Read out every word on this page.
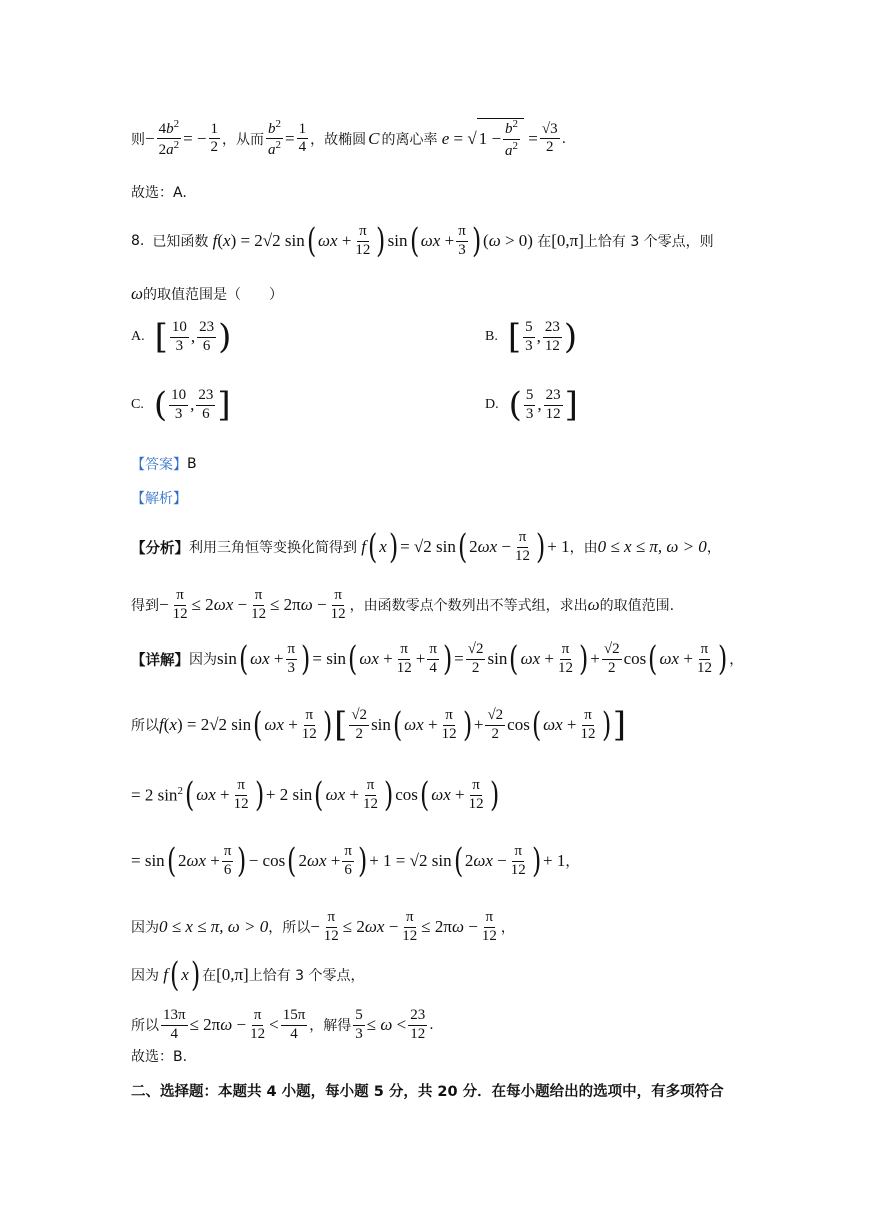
则 − $\frac{4b^2}{2a^2}$ = − $\frac{1}{2}$ ，从而 $\frac{b^2}{a^2} = \frac{1}{4}$ ，故椭圆 C 的离心率 e = √ $1 - \frac{b^2}{a^2} = \frac{√3}{2}$ .
故选：A.
8. 已知函数 f(x) = 2√2 sin ( $\omega x + \frac{\pi}{12}$ ) sin ( $\omega x + \frac{\pi}{3}$ ) (ω > 0) 在 [0,π] 上恰有 3 个零点，则
ω 的取值范围是（　　）
A. [ $\frac{10}{3}$ , $\frac{23}{6}$ )	B. [ $\frac{5}{3}$ , $\frac{23}{12}$ )
C. ( $\frac{10}{3}$ , $\frac{23}{6}$ ]	D. ( $\frac{5}{3}$ , $\frac{23}{12}$ ]
【答案】 B
【解析】
【分析】 利用三角恒等变换化简得到 f ( x ) = √2 sin ( $2\omega x - \frac{\pi}{12}$ ) + 1 ，由 0 ≤ x ≤ π, ω > 0 ，
得到 − $\frac{\pi}{12} \le 2\omega x - \frac{\pi}{12} \le 2\pi\omega - \frac{\pi}{12}$ ，由函数零点个数列出不等式组，求出 ω 的取值范围.
【详解】 因为 sin ( $\omega x + \frac{\pi}{3}$ ) = sin ( $\omega x + \frac{\pi}{12} + \frac{\pi}{4}$ ) = $\frac{√2}{2}$ sin ( $\omega x + \frac{\pi}{12}$ ) + $\frac{√2}{2}$ cos ( $\omega x + \frac{\pi}{12}$ ) ，
所以 f(x) = 2√2 sin ( $\omega x + \frac{\pi}{12}$ ) [ $\frac{√2}{2}$ sin ( $\omega x + \frac{\pi}{12}$ ) + $\frac{√2}{2}$ cos ( $\omega x + \frac{\pi}{12}$ ) ]
= 2 $\sin^2$ ( $\omega x + \frac{\pi}{12}$ ) + 2 sin ( $\omega x + \frac{\pi}{12}$ ) cos ( $\omega x + \frac{\pi}{12}$ )
= sin ( $2\omega x + \frac{\pi}{6}$ ) − cos ( $2\omega x + \frac{\pi}{6}$ ) + 1 = √2 sin ( $2\omega x - \frac{\pi}{12}$ ) + 1 ，
因为 0 ≤ x ≤ π, ω > 0 ，所以 − $\frac{\pi}{12} \le 2\omega x - \frac{\pi}{12} \le 2\pi\omega - \frac{\pi}{12}$ ，
因为 f ( x ) 在 [0,π] 上恰有 3 个零点，
所以 $\frac{13\pi}{4} \le 2\pi\omega - \frac{\pi}{12} < \frac{15\pi}{4}$ ，解得 $\frac{5}{3} \le \omega < \frac{23}{12}$ .
故选：B.
二、选择题：本题共 4 小题，每小题 5 分，共 20 分．在每小题给出的选项中，有多项符合
